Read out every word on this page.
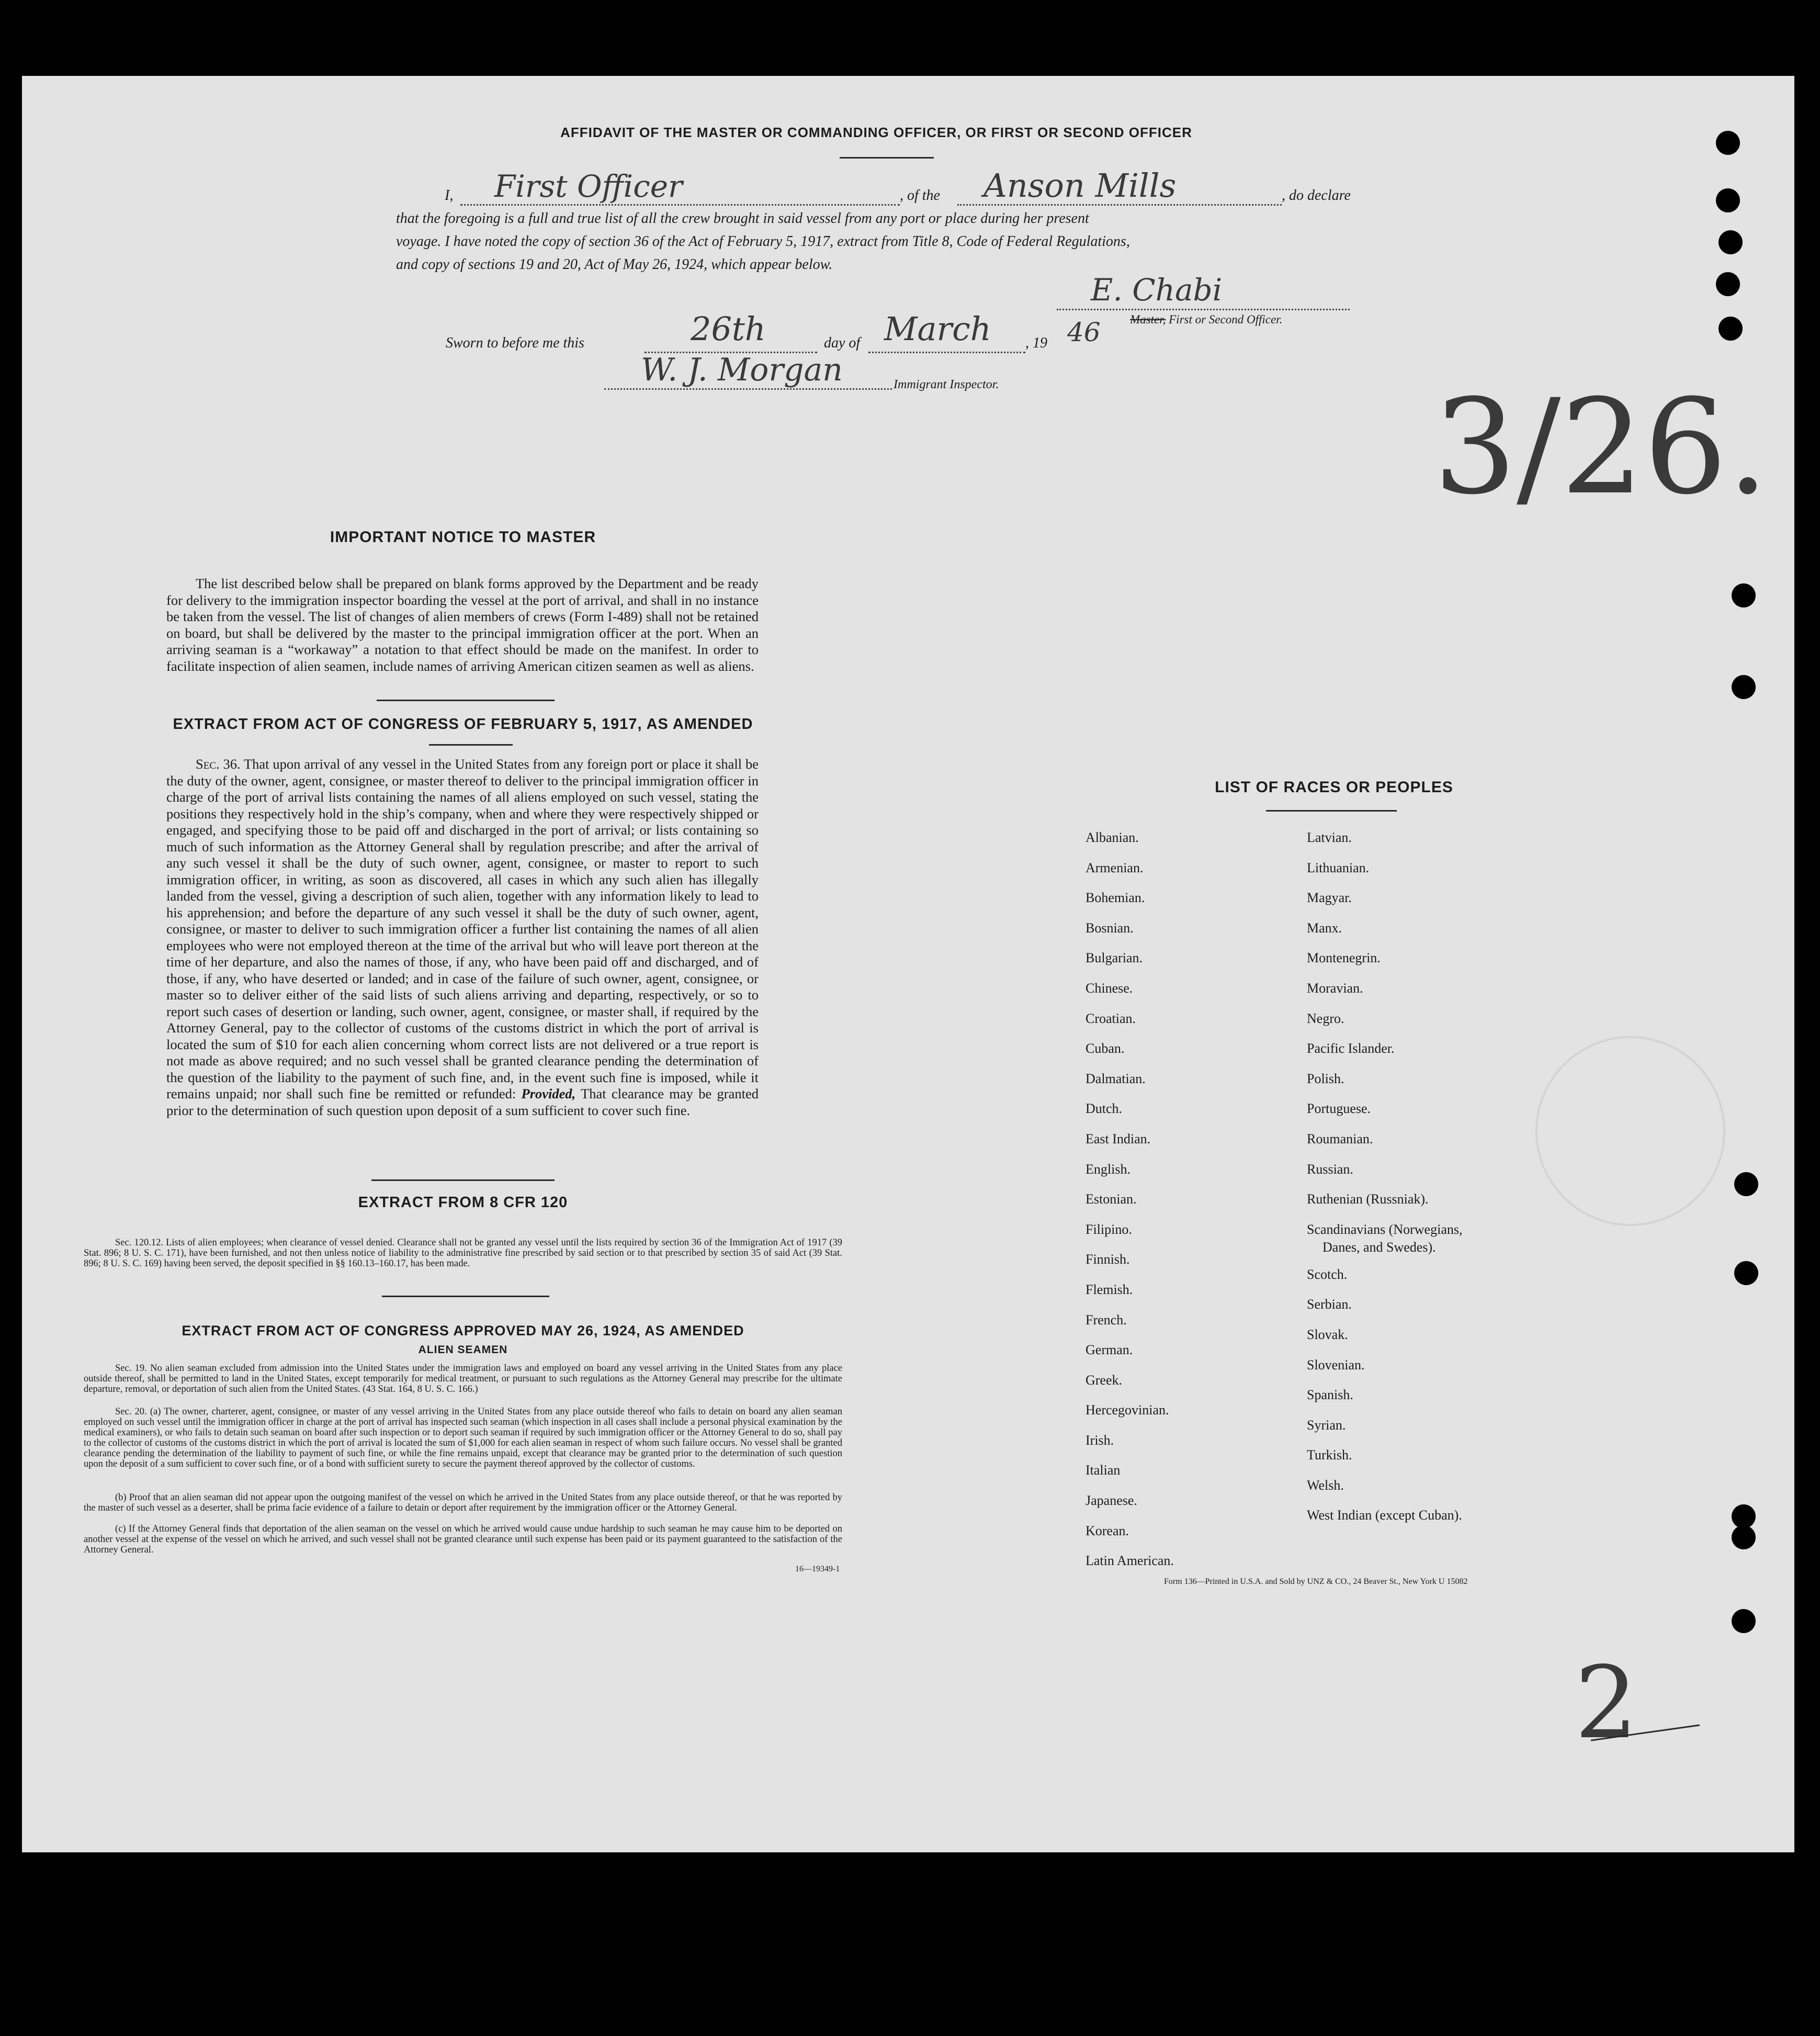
AFFIDAVIT OF THE MASTER OR COMMANDING OFFICER, OR FIRST OR SECOND OFFICER
I, First Officer	, of the Anson Mills	, do declare
that the foregoing is a full and true list of all the crew brought in said vessel from any port or place during her present
voyage. I have noted the copy of section 36 of the Act of February 5, 1917, extract from Title 8, Code of Federal Regulations,
and copy of sections 19 and 20, Act of May 26, 1924, which appear below.
E. Chabi
Master, First or Second Officer.
Sworn to before me this	26th	day of March , 19 46
W. J. Morgan	Immigrant Inspector.	3/26.
IMPORTANT NOTICE TO MASTER
The list described below shall be prepared on blank forms approved by the Department and be ready for delivery to the immigration inspector boarding the vessel at the port of arrival, and shall in no instance be taken from the vessel. The list of changes of alien members of crews (Form I-489) shall not be retained on board, but shall be delivered by the master to the principal immigration officer at the port. When an arriving seaman is a “workaway” a notation to that effect should be made on the manifest. In order to facilitate inspection of alien seamen, include names of arriving American citizen seamen as well as aliens.
EXTRACT FROM ACT OF CONGRESS OF FEBRUARY 5, 1917, AS AMENDED
Sec. 36. That upon arrival of any vessel in the United States from any foreign port or place it shall be the duty of the owner, agent, consignee, or master thereof to deliver to the principal immigration officer in charge of the port of arrival lists containing the names of all aliens employed on such vessel, stating the positions they respectively hold in the ship’s company, when and where they were respectively shipped or engaged, and specifying those to be paid off and discharged in the port of arrival; or lists containing so much of such information as the Attorney General shall by regulation prescribe; and after the arrival of any such vessel it shall be the duty of such owner, agent, consignee, or master to report to such immigration officer, in writing, as soon as discovered, all cases in which any such alien has illegally landed from the vessel, giving a description of such alien, together with any information likely to lead to his apprehension; and before the departure of any such vessel it shall be the duty of such owner, agent, consignee, or master to deliver to such immigration officer a further list containing the names of all alien employees who were not employed thereon at the time of the arrival but who will leave port thereon at the time of her departure, and also the names of those, if any, who have been paid off and discharged, and of those, if any, who have deserted or landed; and in case of the failure of such owner, agent, consignee, or master so to deliver either of the said lists of such aliens arriving and departing, respectively, or so to report such cases of desertion or landing, such owner, agent, consignee, or master shall, if required by the Attorney General, pay to the collector of customs of the customs district in which the port of arrival is located the sum of $10 for each alien concerning whom correct lists are not delivered or a true report is not made as above required; and no such vessel shall be granted clearance pending the determination of the question of the liability to the payment of such fine, and, in the event such fine is imposed, while it remains unpaid; nor shall such fine be remitted or refunded: Provided, That clearance may be granted prior to the determination of such question upon deposit of a sum sufficient to cover such fine.
EXTRACT FROM 8 CFR 120
Sec. 120.12. Lists of alien employees; when clearance of vessel denied. Clearance shall not be granted any vessel until the lists required by section 36 of the Immigration Act of 1917 (39 Stat. 896; 8 U. S. C. 171), have been furnished, and not then unless notice of liability to the administrative fine prescribed by said section or to that prescribed by section 35 of said Act (39 Stat. 896; 8 U. S. C. 169) having been served, the deposit specified in §§ 160.13–160.17, has been made.
EXTRACT FROM ACT OF CONGRESS APPROVED MAY 26, 1924, AS AMENDED
ALIEN SEAMEN
Sec. 19. No alien seaman excluded from admission into the United States under the immigration laws and employed on board any vessel arriving in the United States from any place outside thereof, shall be permitted to land in the United States, except temporarily for medical treatment, or pursuant to such regulations as the Attorney General may prescribe for the ultimate departure, removal, or deportation of such alien from the United States. (43 Stat. 164, 8 U. S. C. 166.)
Sec. 20. (a) The owner, charterer, agent, consignee, or master of any vessel arriving in the United States from any place outside thereof who fails to detain on board any alien seaman employed on such vessel until the immigration officer in charge at the port of arrival has inspected such seaman (which inspection in all cases shall include a personal physical examination by the medical examiners), or who fails to detain such seaman on board after such inspection or to deport such seaman if required by such immigration officer or the Attorney General to do so, shall pay to the collector of customs of the customs district in which the port of arrival is located the sum of $1,000 for each alien seaman in respect of whom such failure occurs. No vessel shall be granted clearance pending the determination of the liability to payment of such fine, or while the fine remains unpaid, except that clearance may be granted prior to the determination of such question upon the deposit of a sum sufficient to cover such fine, or of a bond with sufficient surety to secure the payment thereof approved by the collector of customs.
(b) Proof that an alien seaman did not appear upon the outgoing manifest of the vessel on which he arrived in the United States from any place outside thereof, or that he was reported by the master of such vessel as a deserter, shall be prima facie evidence of a failure to detain or deport after requirement by the immigration officer or the Attorney General.
(c) If the Attorney General finds that deportation of the alien seaman on the vessel on which he arrived would cause undue hardship to such seaman he may cause him to be deported on another vessel at the expense of the vessel on which he arrived, and such vessel shall not be granted clearance until such expense has been paid or its payment guaranteed to the satisfaction of the Attorney General.
16—19349-1
LIST OF RACES OR PEOPLES
Albanian.
Armenian.
Bohemian.
Bosnian.
Bulgarian.
Chinese.
Croatian.
Cuban.
Dalmatian.
Dutch.
East Indian.
English.
Estonian.
Filipino.
Finnish.
Flemish.
French.
German.
Greek.
Hercegovinian.
Irish.
Italian
Japanese.
Korean.
Latin American.
Latvian.
Lithuanian.
Magyar.
Manx.
Montenegrin.
Moravian.
Negro.
Pacific Islander.
Polish.
Portuguese.
Roumanian.
Russian.
Ruthenian (Russniak).
Scandinavians (Norwegians,
Danes, and Swedes).
Scotch.
Serbian.
Slovak.
Slovenian.
Spanish.
Syrian.
Turkish.
Welsh.
West Indian (except Cuban).
Form 136—Printed in U.S.A. and Sold by UNZ & CO., 24 Beaver St., New York U 15082
2
